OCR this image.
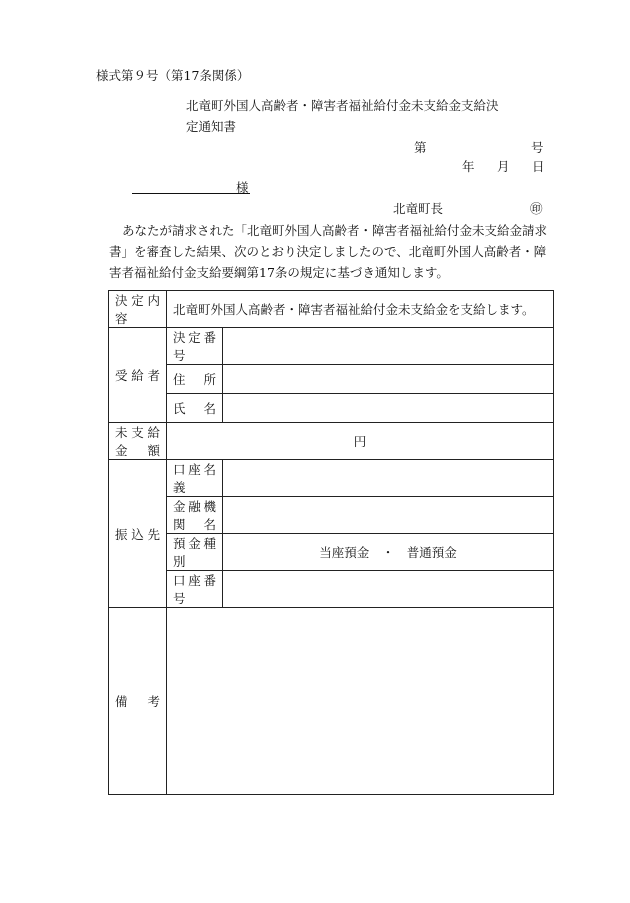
様式第９号（第17条関係）
北竜町外国人高齢者・障害者福祉給付金未支給金支給決
定通知書
第	号
年 月 日
様
北竜町長	㊞
あなたが請求された「北竜町外国人高齢者・障害者福祉給付金未支給金請求書」を審査した結果、次のとおり決定しましたので、北竜町外国人高齢者・障害者福祉給付金支給要綱第17条の規定に基づき通知します。
決定内容	北竜町外国人高齢者・障害者福祉給付金未支給金を支給します。	
受給者	決定番号	
	住所	
	氏名	
未支給金額	円	
振込先	口座名義	
	金融機関名	
	預金種別	当座預金　・　普通預金
	口座番号	
備考		
